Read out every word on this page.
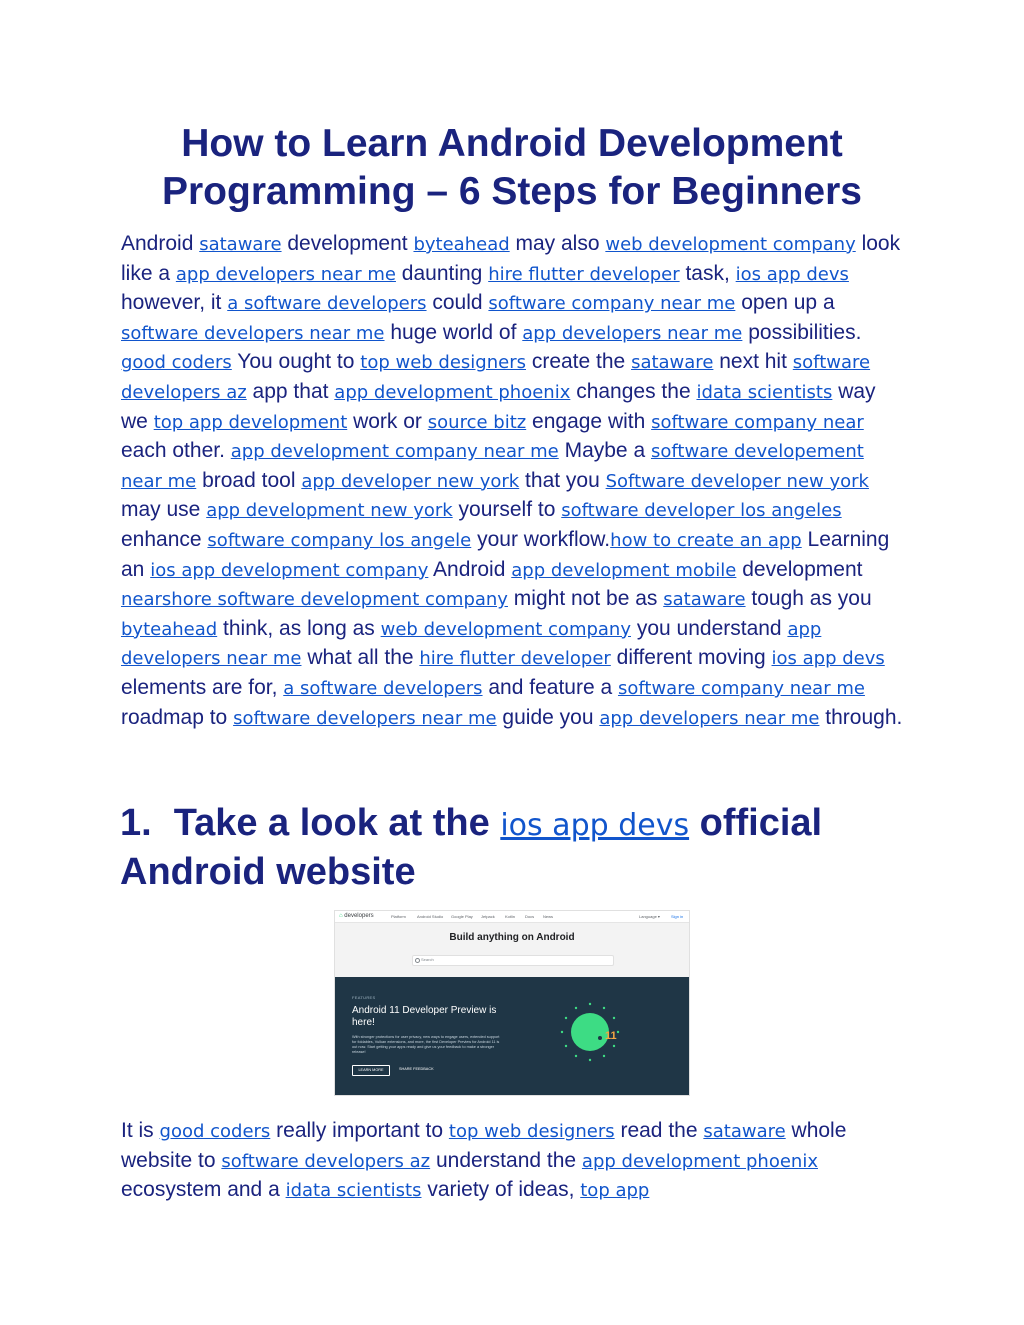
How to Learn Android Development Programming – 6 Steps for Beginners

Android sataware development byteahead may also web development company look like a app developers near me daunting hire flutter developer task, ios app devs however, it a software developers could software company near me open up a software developers near me huge world of app developers near me possibilities. good coders You ought to top web designers create the sataware next hit software developers az app that app development phoenix changes the idata scientists way we top app development work or source bitz engage with software company near each other. app development company near me Maybe a software developement near me broad tool app developer new york that you Software developer new york may use app development new york yourself to software developer los angeles enhance software company los angele your workflow.how to create an app Learning an ios app development company Android app development mobile development nearshore software development company might not be as sataware tough as you byteahead think, as long as web development company you understand app developers near me what all the hire flutter developer different moving ios app devs elements are for, a software developers and feature a software company near me roadmap to software developers near me guide you app developers near me through.

1. Take a look at the ios app devs official Android website
⌂ developers	Platform	Android Studio Google Play Jetpack	Kotlin Docs News	Language ▾	Sign in
Build anything on Android
Search
FEATURES
Android 11 Developer Preview is here!
With stronger protections for user privacy, new ways to engage users, extended support for foldables, Vulkan extensions, and more, the first Developer Preview for Android 11 is out now. Start getting your apps ready and give us your feedback to make a stronger release!
LEARN MORE	SHARE FEEDBACK
11

It is good coders really important to top web designers read the sataware whole website to software developers az understand the app development phoenix ecosystem and a idata scientists variety of ideas, top app
